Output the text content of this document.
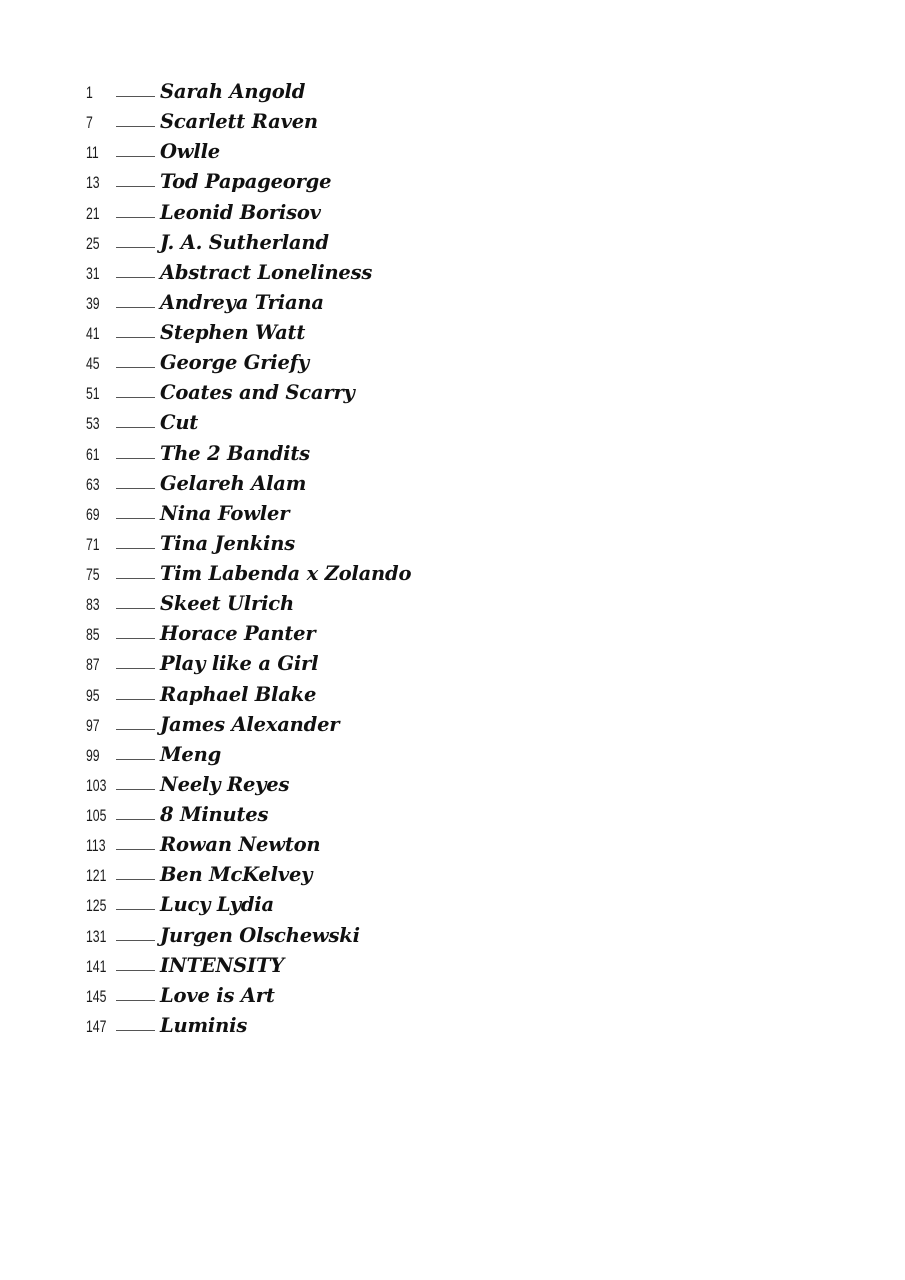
1	Sarah Angold
7	Scarlett Raven
11	Owlle
13	Tod Papageorge
21	Leonid Borisov
25	J. A. Sutherland
31	Abstract Loneliness
39	Andreya Triana
41	Stephen Watt
45	George Griefy
51	Coates and Scarry
53	Cut
61	The 2 Bandits
63	Gelareh Alam
69	Nina Fowler
71	Tina Jenkins
75	Tim Labenda x Zolando
83	Skeet Ulrich
85	Horace Panter
87	Play like a Girl
95	Raphael Blake
97	James Alexander
99	Meng
103	Neely Reyes
105	8 Minutes
113	Rowan Newton
121	Ben McKelvey
125	Lucy Lydia
131	Jurgen Olschewski
141	INTENSITY
145	Love is Art
147	Luminis
